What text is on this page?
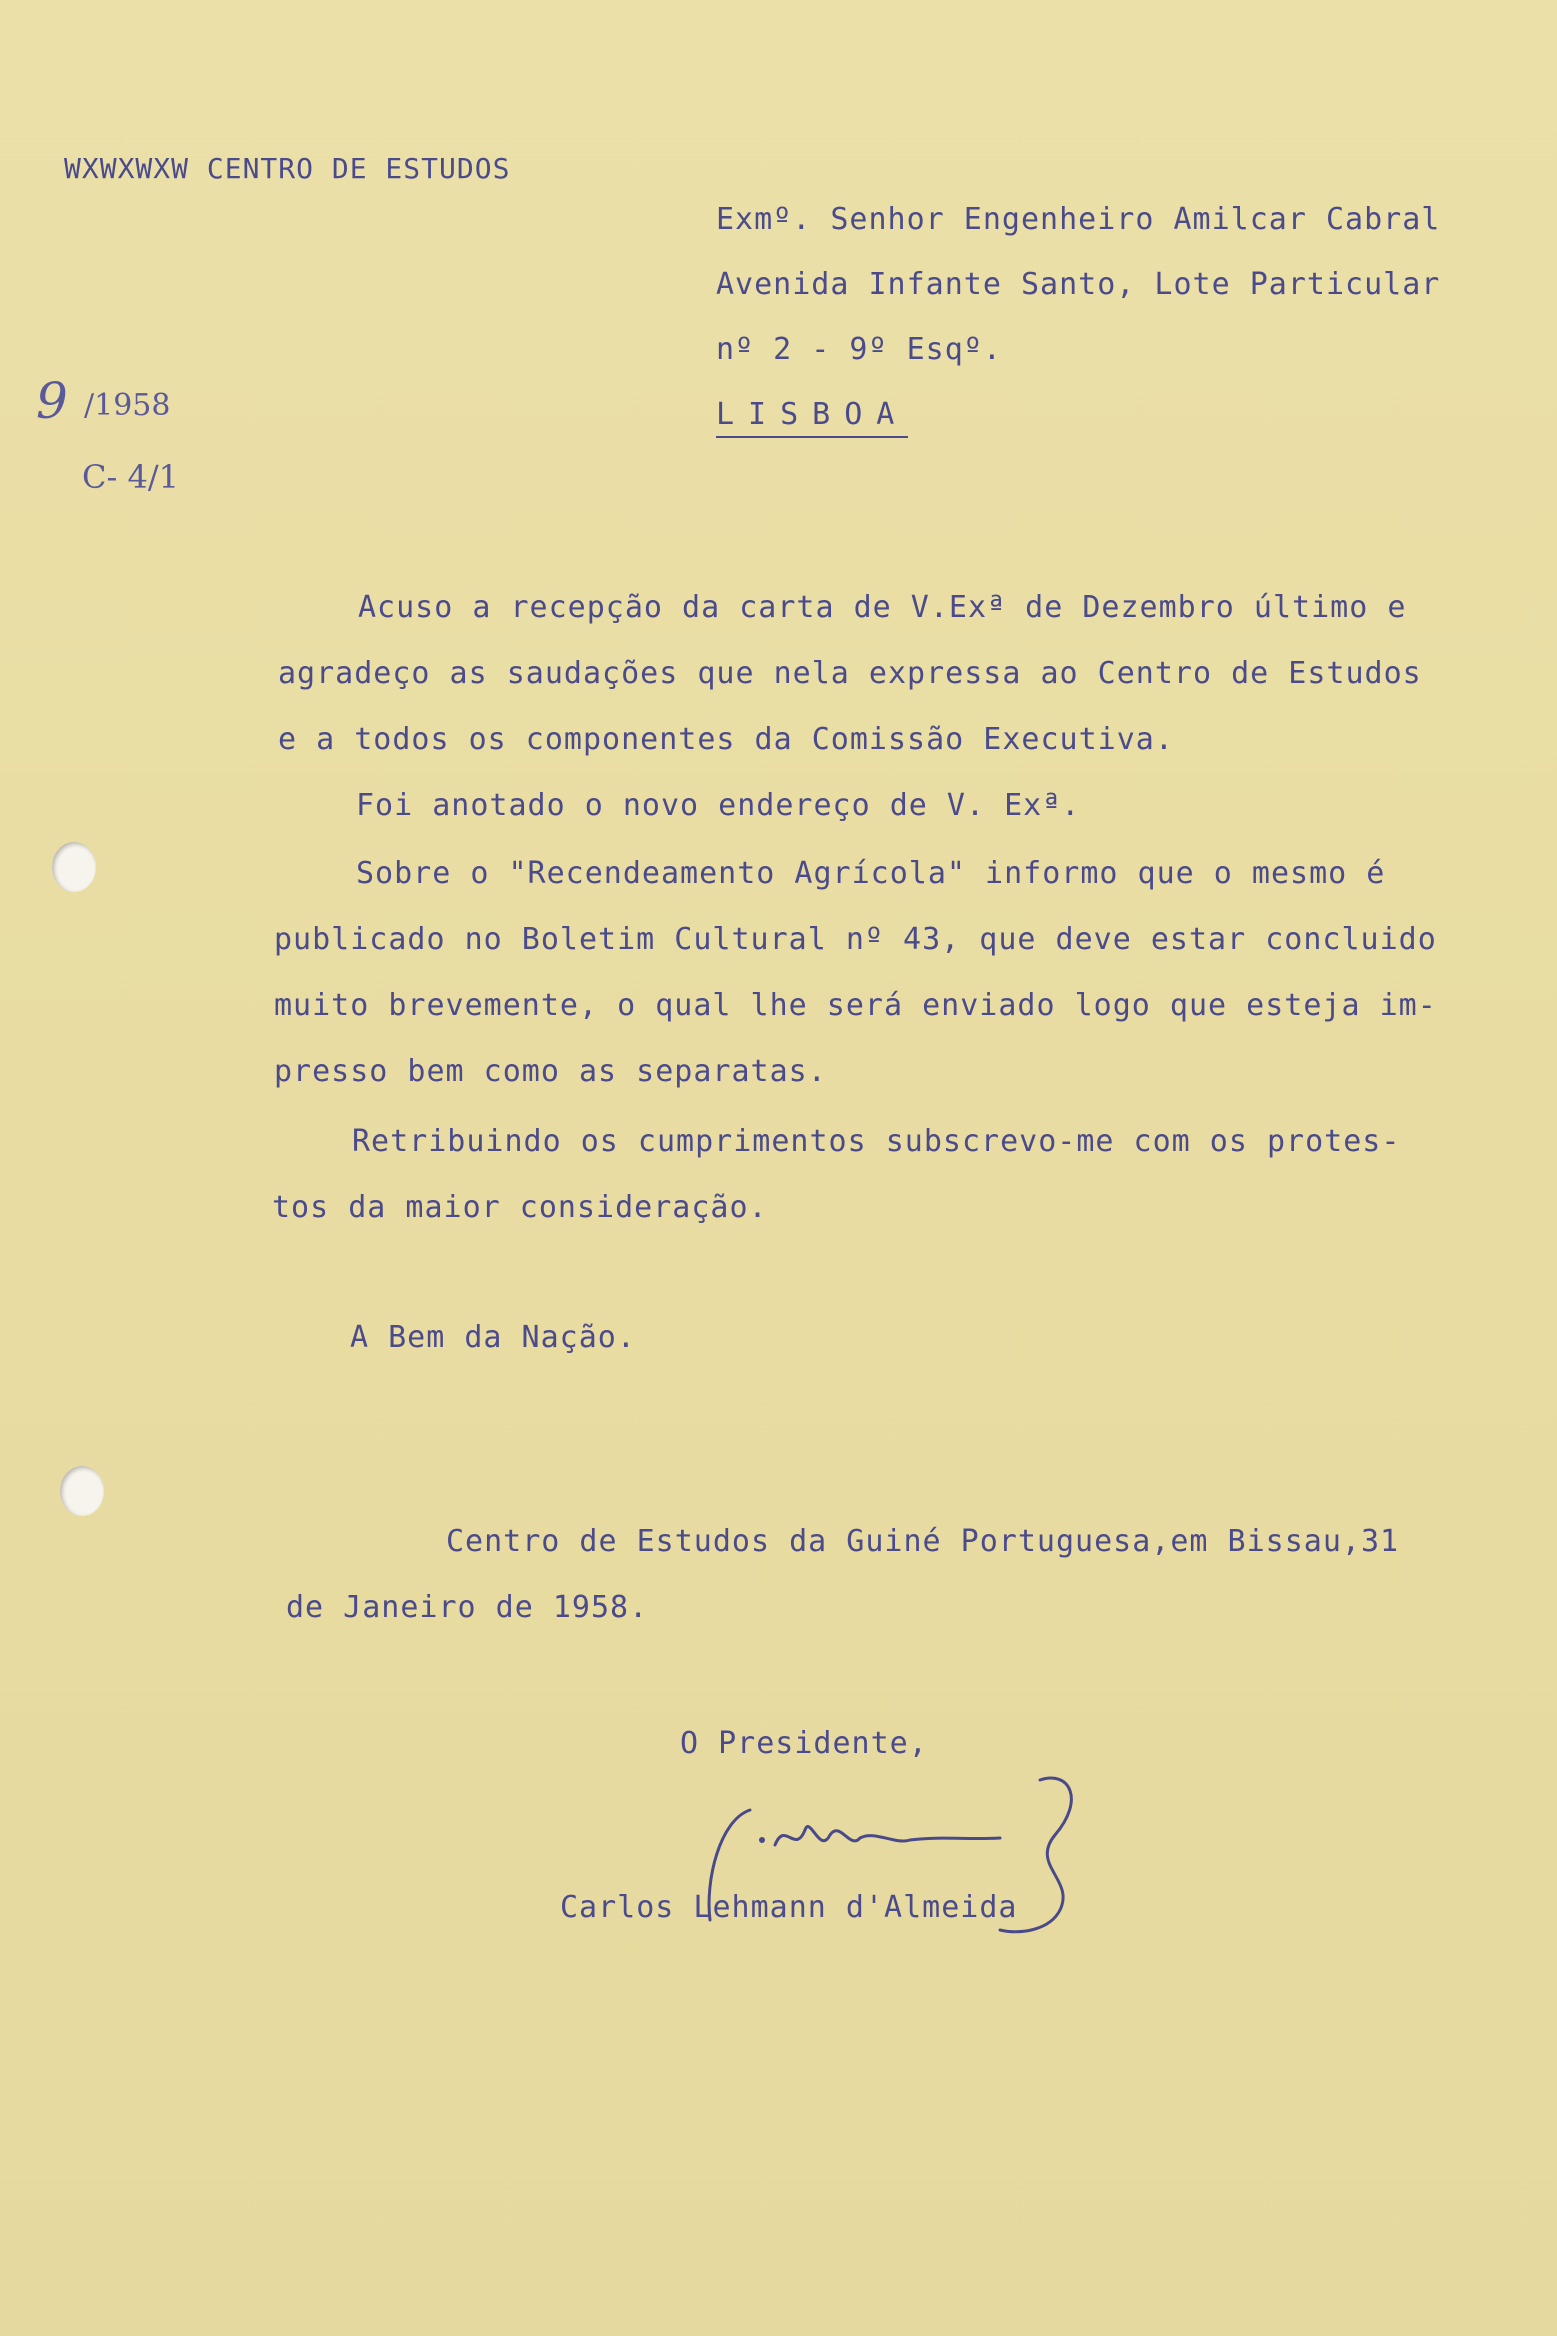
WXWXWXW CENTRO DE ESTUDOS
Exmº. Senhor Engenheiro Amilcar Cabral
Avenida Infante Santo, Lote Particular
nº 2 - 9º Esqº.
LISBOA
9 /1958
C- 4/1
Acuso a recepção da carta de V.Exª de Dezembro último e
agradeço as saudações que nela expressa ao Centro de Estudos
e a todos os componentes da Comissão Executiva.
Foi anotado o novo endereço de V. Exª.
Sobre o "Recendeamento Agrícola" informo que o mesmo é
publicado no Boletim Cultural nº 43, que deve estar concluido
muito brevemente, o qual lhe será enviado logo que esteja im-
presso bem como as separatas.
Retribuindo os cumprimentos subscrevo-me com os protes-
tos da maior consideração.
A Bem da Nação.
Centro de Estudos da Guiné Portuguesa,em Bissau,31
de Janeiro de 1958.
O Presidente,
Carlos Lehmann d'Almeida
